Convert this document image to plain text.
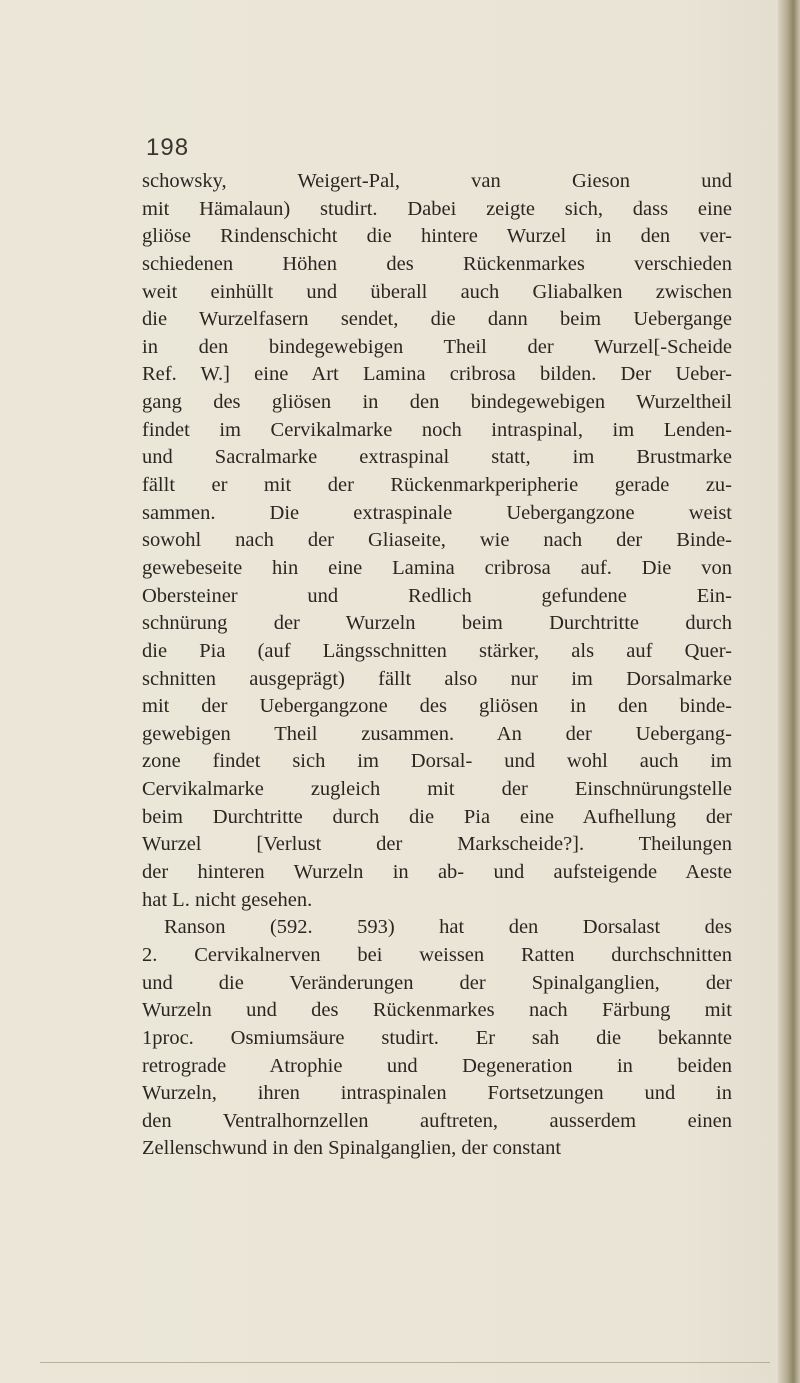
198
schowsky, Weigert-Pal, van Gieson und
mit Hämalaun) studirt. Dabei zeigte sich, dass eine
gliöse Rindenschicht die hintere Wurzel in den ver-
schiedenen Höhen des Rückenmarkes verschieden
weit einhüllt und überall auch Gliabalken zwischen
die Wurzelfasern sendet, die dann beim Uebergange
in den bindegewebigen Theil der Wurzel[-Scheide
Ref. W.] eine Art Lamina cribrosa bilden. Der Ueber-
gang des gliösen in den bindegewebigen Wurzeltheil
findet im Cervikalmarke noch intraspinal, im Lenden-
und Sacralmarke extraspinal statt, im Brustmarke
fällt er mit der Rückenmarkperipherie gerade zu-
sammen. Die extraspinale Uebergangzone weist
sowohl nach der Gliaseite, wie nach der Binde-
gewebeseite hin eine Lamina cribrosa auf. Die von
Obersteiner und Redlich gefundene Ein-
schnürung der Wurzeln beim Durchtritte durch
die Pia (auf Längsschnitten stärker, als auf Quer-
schnitten ausgeprägt) fällt also nur im Dorsalmarke
mit der Uebergangzone des gliösen in den binde-
gewebigen Theil zusammen. An der Uebergang-
zone findet sich im Dorsal- und wohl auch im
Cervikalmarke zugleich mit der Einschnürungstelle
beim Durchtritte durch die Pia eine Aufhellung der
Wurzel [Verlust der Markscheide?]. Theilungen
der hinteren Wurzeln in ab- und aufsteigende Aeste
hat L. nicht gesehen.
Ranson (592. 593) hat den Dorsalast des
2. Cervikalnerven bei weissen Ratten durchschnitten
und die Veränderungen der Spinalganglien, der
Wurzeln und des Rückenmarkes nach Färbung mit
1proc. Osmiumsäure studirt. Er sah die bekannte
retrograde Atrophie und Degeneration in beiden
Wurzeln, ihren intraspinalen Fortsetzungen und in
den Ventralhornzellen auftreten, ausserdem einen
Zellenschwund in den Spinalganglien, der constant
